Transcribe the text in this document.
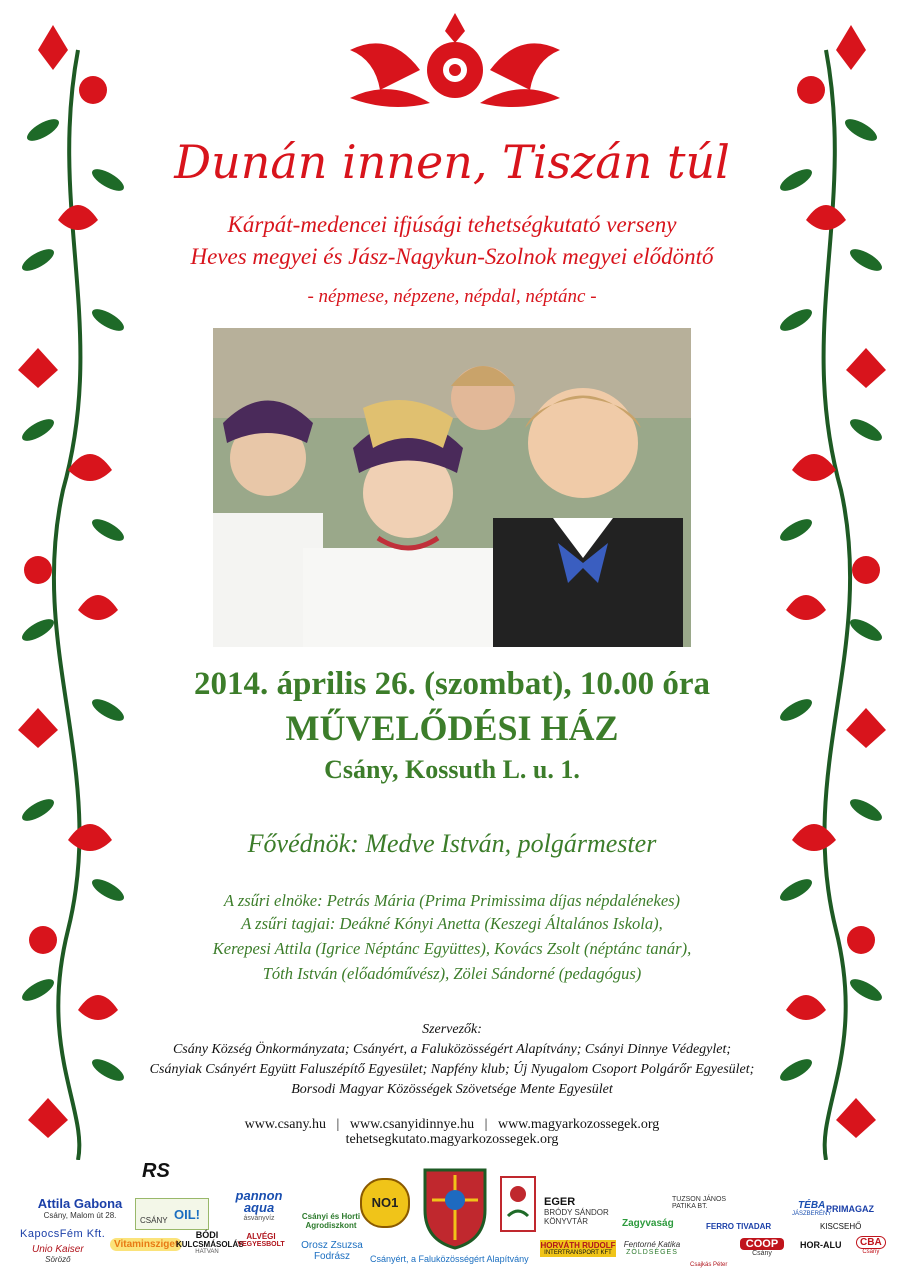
Dunán innen, Tiszán túl
Kárpát-medencei ifjúsági tehetségkutató verseny
Heves megyei és Jász-Nagykun-Szolnok megyei elődöntő
- népmese, népzene, népdal, néptánc -
2014. április 26. (szombat), 10.00 óra
MŰVELŐDÉSI HÁZ
Csány, Kossuth L. u. 1.
Fővédnök: Medve István, polgármester
A zsűri elnöke: Petrás Mária (Prima Primissima díjas népdalénekes)
A zsűri tagjai: Deákné Kónyi Anetta (Keszegi Általános Iskola),
Kerepesi Attila (Igrice Néptánc Együttes), Kovács Zsolt (néptánc tanár),
Tóth István (előadóművész), Zölei Sándorné (pedagógus)
Szervezők:
Csány Község Önkormányzata; Csányért, a Faluközösségért Alapítvány; Csányi Dinnye Védegylet;
Csányiak Csányért Együtt Faluszépítő Egyesület; Napfény klub; Új Nyugalom Csoport Polgárőr Egyesület;
Borsodi Magyar Közösségek Szövetsége Mente Egyesület
www.csany.hu   |   www.csanyidinnye.hu   |   www.magyarkozossegek.org
tehetsegkutato.magyarkozossegek.org
RS
Attila Gabona
Csány, Malom út 28.
CSÁNY OIL!
pannon
aqua
ásványvíz	Csányi és Horti Agrodiszkont
NO1
HORVÁTH RUDOLF
INTERTRANSPORT KFT
EGER
BRÓDY SÁNDOR
KÖNYVTÁR	Zagyvaság
TUZSON JÁNOS PATIKA BT.	TÉBA
JÁSZBERÉNY
PRIMAGAZ
KapocsFém Kft.
Unio Kaiser
Söröző
Vitaminsziget
BÓDI
KULCSMÁSOLÁS
HATVAN
ALVÉGI
VEGYESBOLT	Orosz Zsuzsa
Fodrász	Csányért, a Faluközösségért Alapítvány
Fentorné Katika
ZÖLDSÉGES
FERRO TIVADAR
Csajkás Péter
COOP
Csány
KISCSEHŐ
HOR-ALU	CBA
Csány
